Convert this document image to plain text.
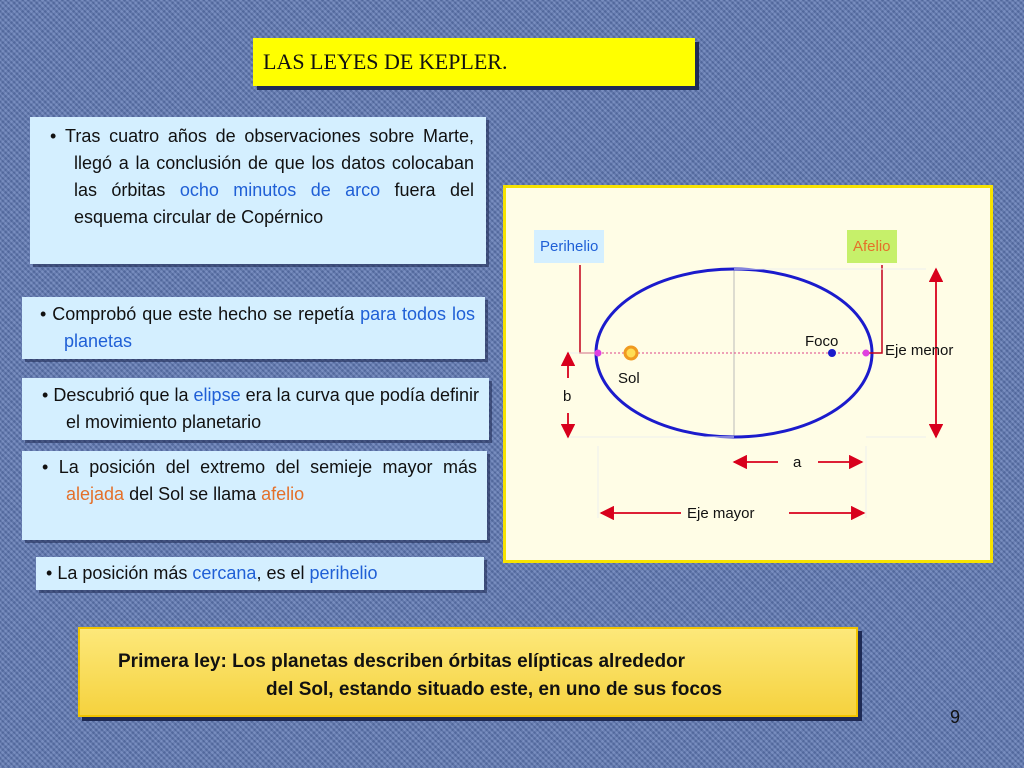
LAS LEYES DE KEPLER.

• Tras cuatro años de observaciones sobre Marte, llegó a la conclusión de que los datos colocaban las órbitas ocho minutos de arco fuera del esquema circular de Copérnico

• Comprobó que este hecho se repetía para todos los planetas

• Descubrió que la elipse era la curva que podía definir el movimiento planetario

• La posición del extremo del semieje mayor más alejada del Sol se llama afelio

• La posición más cercana, es el perihelio

Perihelio	Afelio
Foco
Sol
Eje menor
b
a
Eje mayor
Primera ley: Los planetas describen órbitas elípticas alrededor
del Sol, estando situado este, en uno de sus focos
9
